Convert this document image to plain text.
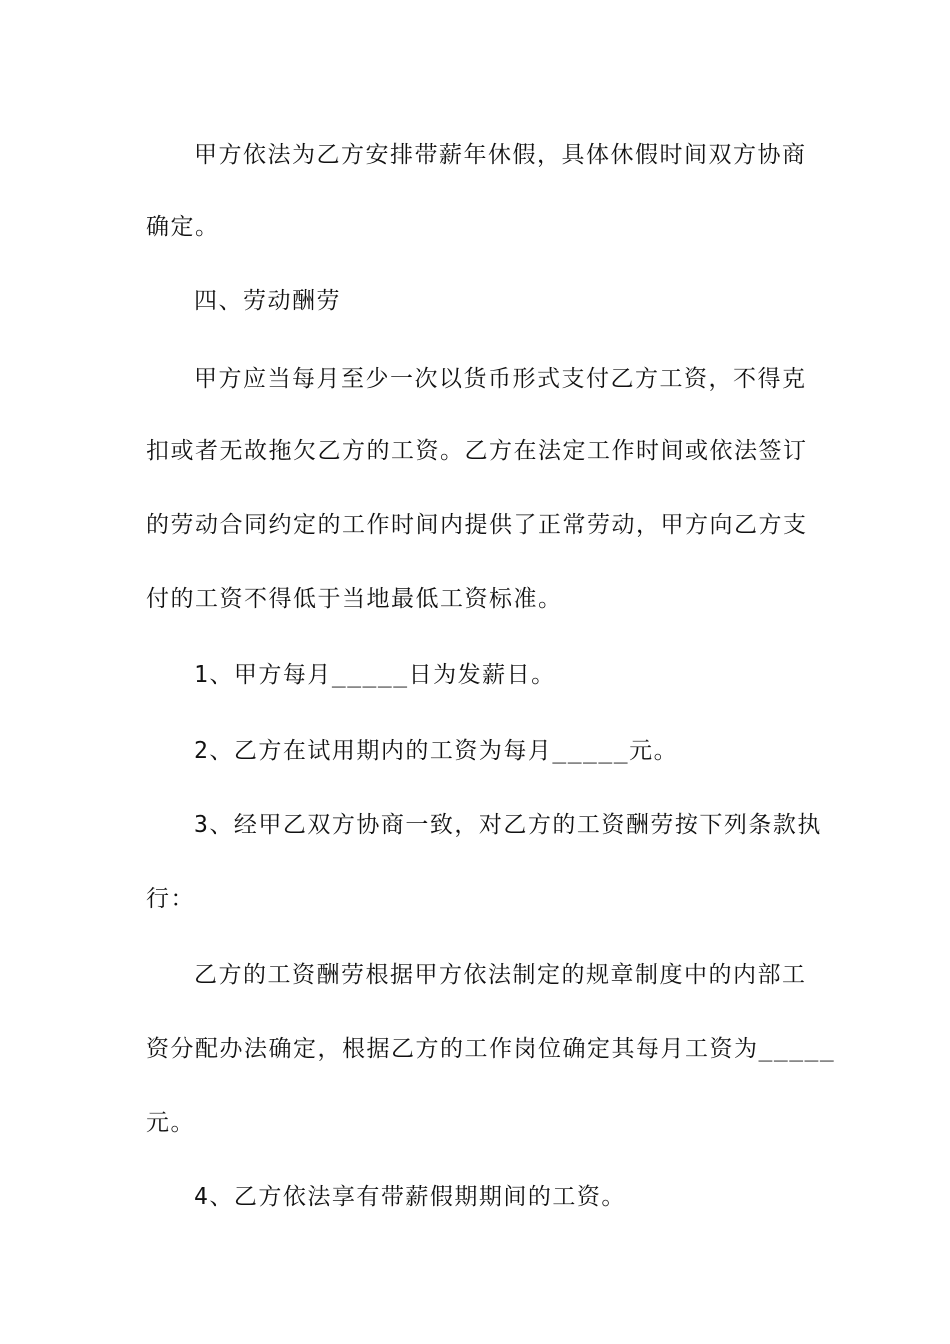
甲方依法为乙方安排带薪年休假，具体休假时间双方协商
确定。
四、劳动酬劳
甲方应当每月至少一次以货币形式支付乙方工资，不得克
扣或者无故拖欠乙方的工资。乙方在法定工作时间或依法签订
的劳动合同约定的工作时间内提供了正常劳动，甲方向乙方支
付的工资不得低于当地最低工资标准。
1、甲方每月_____日为发薪日。
2、乙方在试用期内的工资为每月_____元。
3、经甲乙双方协商一致，对乙方的工资酬劳按下列条款执
行：
乙方的工资酬劳根据甲方依法制定的规章制度中的内部工
资分配办法确定，根据乙方的工作岗位确定其每月工资为_____
元。
4、乙方依法享有带薪假期期间的工资。
